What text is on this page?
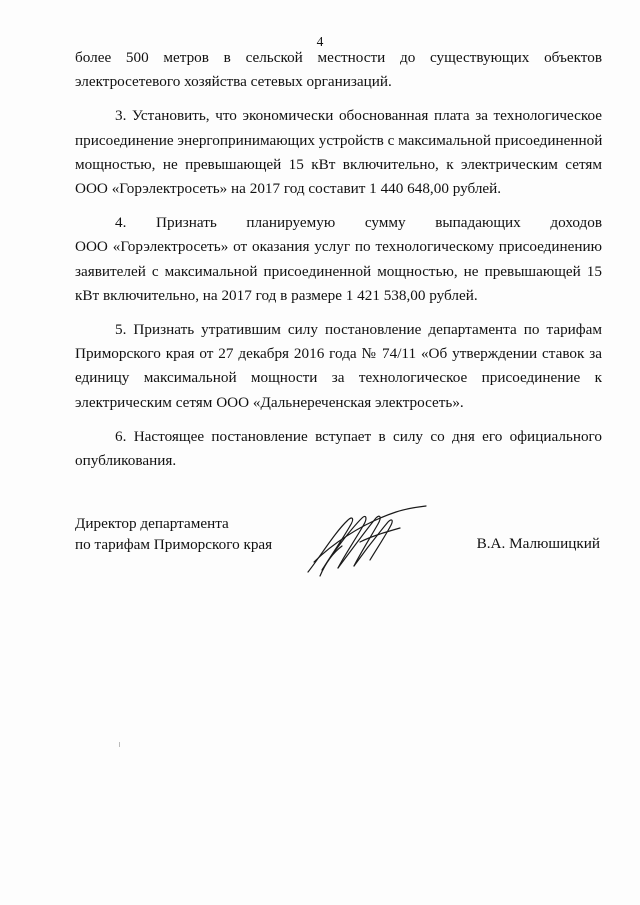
4

более 500 метров в сельской местности до существующих объектов
электросетевого хозяйства сетевых организаций.

3. Установить, что экономически обоснованная плата за технологическое
присоединение энергопринимающих устройств с максимальной присоединенной
мощностью, не превышающей 15 кВт включительно, к электрическим сетям
ООО «Горэлектросеть» на 2017 год составит 1 440 648,00 рублей.

4. Признать планируемую сумму выпадающих доходов
ООО «Горэлектросеть» от оказания услуг по технологическому присоединению
заявителей с максимальной присоединенной мощностью, не превышающей 15
кВт включительно, на 2017 год в размере 1 421 538,00 рублей.

5. Признать утратившим силу постановление департамента по тарифам
Приморского края от 27 декабря 2016 года № 74/11 «Об утверждении ставок за
единицу максимальной мощности за технологическое присоединение к
электрическим сетям ООО «Дальнереченская электросеть».

6. Настоящее постановление вступает в силу со дня его официального
опубликования.

Директор департамента
по тарифам Приморского края	В.А. Малюшицкий
